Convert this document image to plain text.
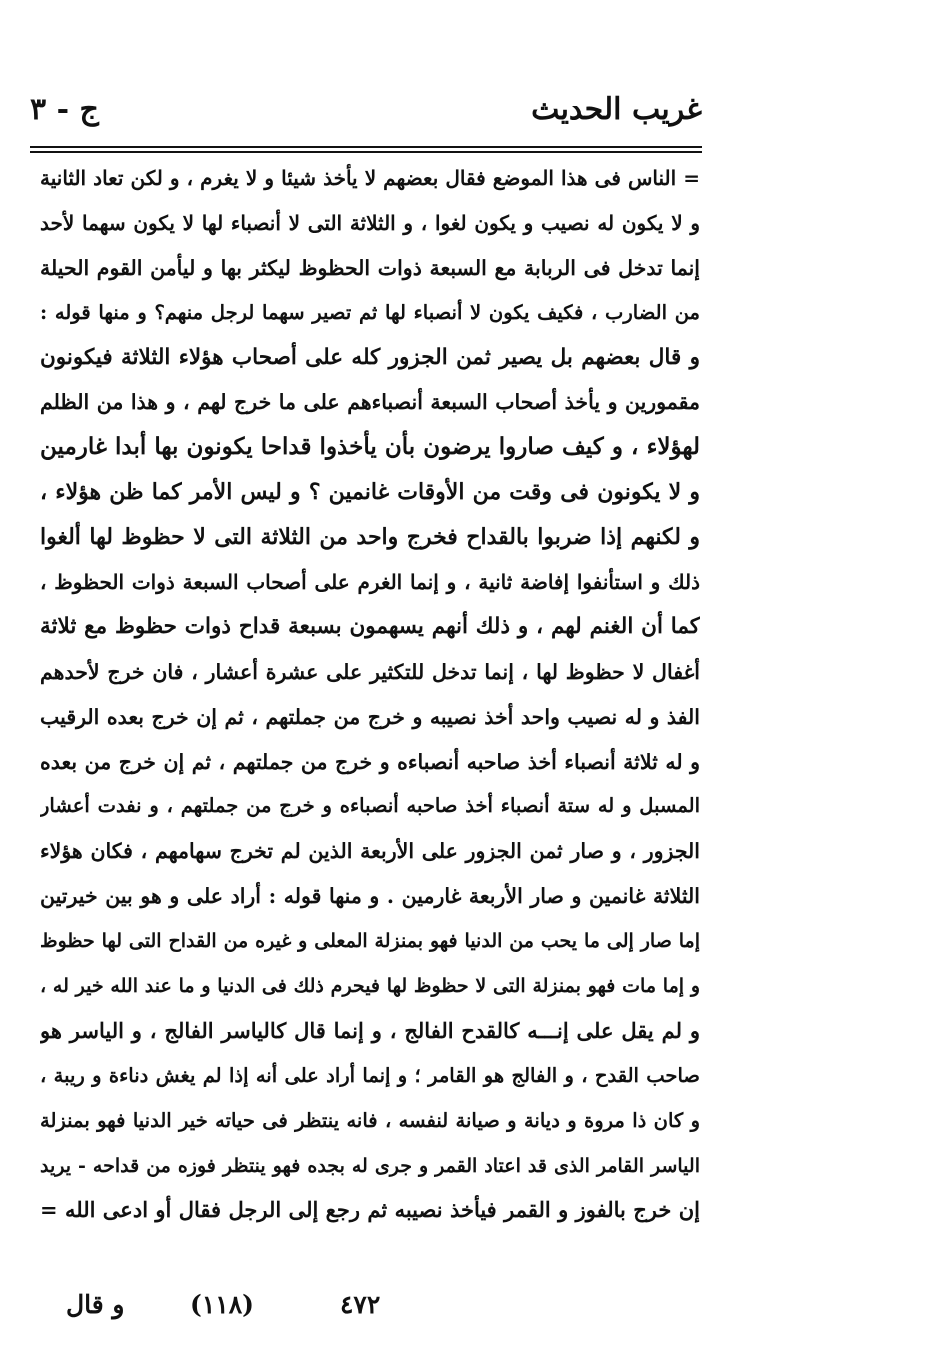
غريب الحديث
ج - ٣
= الناس فى هذا الموضع فقال بعضهم لا يأخذ شيئا و لا يغرم ، و لكن تعاد الثانية
و لا يكون له نصيب و يكون لغوا ، و الثلاثة التى لا أنصباء لها لا يكون سهما لأحد
إنما تدخل فى الربابة مع السبعة ذوات الحظوظ ليكثر بها و ليأمن القوم الحيلة
من الضارب ، فكيف يكون لا أنصباء لها ثم تصير سهما لرجل منهم؟ و منها قوله :
و قال بعضهم بل يصير ثمن الجزور كله على أصحاب هؤلاء الثلاثة فيكونون
مقمورين و يأخذ أصحاب السبعة أنصباءهم على ما خرج لهم ، و هذا من الظلم
لهؤلاء ، و كيف صاروا يرضون بأن يأخذوا قداحا يكونون بها أبدا غارمين
و لا يكونون فى وقت من الأوقات غانمين ؟ و ليس الأمر كما ظن هؤلاء ،
و لكنهم إذا ضربوا بالقداح فخرج واحد من الثلاثة التى لا حظوظ لها ألغوا
ذلك و استأنفوا إفاضة ثانية ، و إنما الغرم على أصحاب السبعة ذوات الحظوظ ،
كما أن الغنم لهم ، و ذلك أنهم يسهمون بسبعة قداح ذوات حظوظ مع ثلاثة
أغفال لا حظوظ لها ، إنما تدخل للتكثير على عشرة أعشار ، فان خرج لأحدهم
الفذ و له نصيب واحد أخذ نصيبه و خرج من جملتهم ، ثم إن خرج بعده الرقيب
و له ثلاثة أنصباء أخذ صاحبه أنصباءه و خرج من جملتهم ، ثم إن خرج من بعده
المسبل و له ستة أنصباء أخذ صاحبه أنصباءه و خرج من جملتهم ، و نفدت أعشار
الجزور ، و صار ثمن الجزور على الأربعة الذين لم تخرج سهامهم ، فكان هؤلاء
الثلاثة غانمين و صار الأربعة غارمين . و منها قوله : أراد على و هو بين خيرتين
إما صار إلى ما يحب من الدنيا فهو بمنزلة المعلى و غيره من القداح التى لها حظوظ
و إما مات فهو بمنزلة التى لا حظوظ لها فيحرم ذلك فى الدنيا و ما عند الله خير له ،
و لم يقل على إنـــه كالقدح الفالج ، و إنما قال كالياسر الفالج ، و الياسر هو
صاحب القدح ، و الفالج هو القامر ؛ و إنما أراد على أنه إذا لم يغش دناءة و ريبة ،
و كان ذا مروة و ديانة و صيانة لنفسه ، فانه ينتظر فى حياته خير الدنيا فهو بمنزلة
الياسر القامر الذى قد اعتاد القمر و جرى له بجده فهو ينتظر فوزه من قداحه - يريد
إن خرج بالفوز و القمر فيأخذ نصيبه ثم رجع إلى الرجل فقال أو ادعى الله =
و قال	(١١٨)	٤٧٢
